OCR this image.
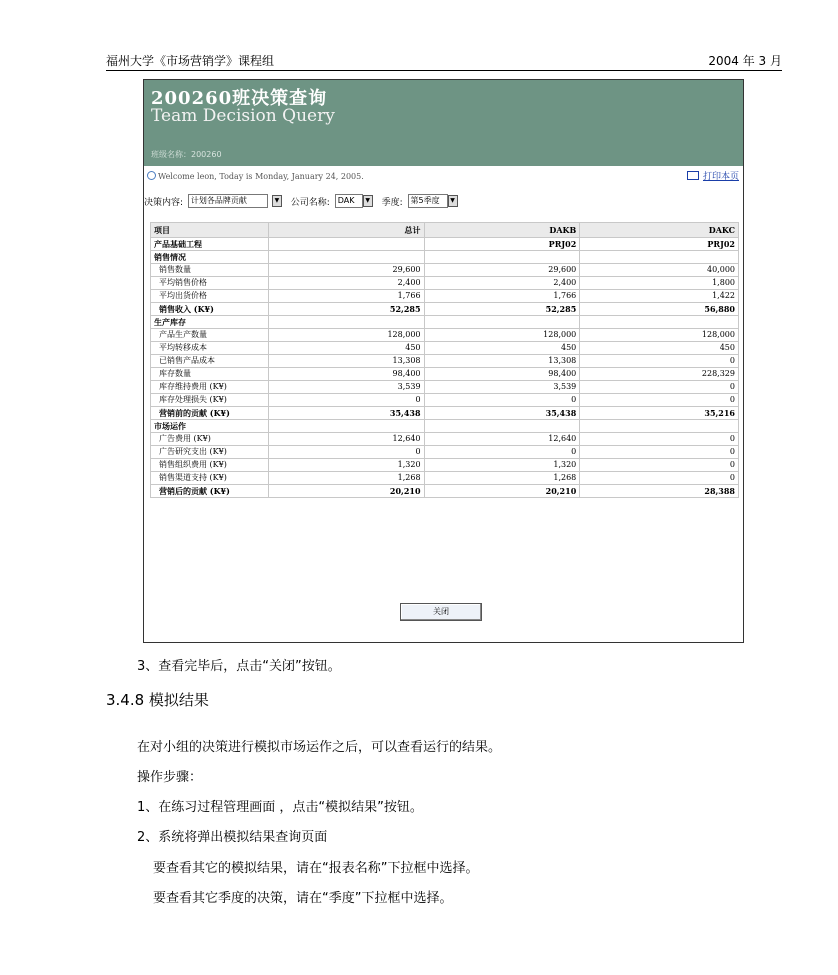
福州大学《市场营销学》课程组	2004 年 3 月
200260班决策查询
Team Decision Query
班级名称：200260
Welcome leon, Today is Monday, January 24, 2005.	打印本页
决策内容: 计划各品牌贡献	▼ 公司名称: DAK ▼ 季度: 第5季度 ▼
项目	总计	DAKB	DAKC
产品基础工程		PRJ02	PRJ02
销售情况			
销售数量	29,600	29,600	40,000
平均销售价格	2,400	2,400	1,800
平均出货价格	1,766	1,766	1,422
销售收入 (K¥)	52,285	52,285	56,880
生产库存			
产品生产数量	128,000	128,000	128,000
平均转移成本	450	450	450
已销售产品成本	13,308	13,308	0
库存数量	98,400	98,400	228,329
库存维持费用 (K¥)	3,539	3,539	0
库存处理损失 (K¥)	0	0	0
营销前的贡献 (K¥)	35,438	35,438	35,216
市场运作			
广告费用 (K¥)	12,640	12,640	0
广告研究支出 (K¥)	0	0	0
销售组织费用 (K¥)	1,320	1,320	0
销售渠道支持 (K¥)	1,268	1,268	0
营销后的贡献 (K¥)	20,210	20,210	28,388
关闭
3、查看完毕后，点击“关闭”按钮。
3.4.8 模拟结果
在对小组的决策进行模拟市场运作之后，可以查看运行的结果。
操作步骤：
1、在练习过程管理画面 ，点击“模拟结果”按钮。
2、系统将弹出模拟结果查询页面
要查看其它的模拟结果，请在“报表名称”下拉框中选择。
要查看其它季度的决策，请在“季度”下拉框中选择。
